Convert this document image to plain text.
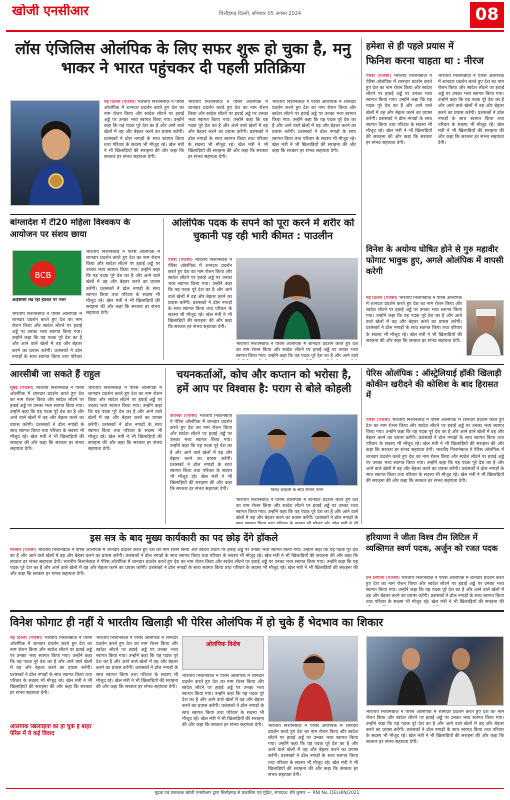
खोजी एनसीआर	चित्तौड़गढ़ दिल्ली, सोमवार 05 अगस्त 2024	08
लॉस एंजिलिस ओलंपिक के लिए सफर शुरू हो चुका है, मनु भाकर ने भारत पहुंचकर दी पहली प्रतिक्रिया
नई दिल्ली (एजेंसी) भारतीय निशानेबाज़ ने पेरिस ओलंपिक में शानदार प्रदर्शन करते हुए देश का नाम रोशन किया और स्वदेश लौटने पर हवाई अड्डे पर उनका भव्य स्वागत किया गया। उन्होंने कहा कि यह पदक पूरे देश का है और आने वाले खेलों में वह और बेहतर करने का प्रयास करेंगी। प्रशंसकों ने ढोल नगाड़ों के साथ स्वागत किया तथा परिवार के सदस्य भी मौजूद रहे। खेल मंत्री ने भी खिलाड़ियों की सराहना की और कहा कि सरकार हर संभव सहायता देगी।
भारतीय निशानेबाज़ ने पेरिस ओलंपिक में शानदार प्रदर्शन करते हुए देश का नाम रोशन किया और स्वदेश लौटने पर हवाई अड्डे पर उनका भव्य स्वागत किया गया। उन्होंने कहा कि यह पदक पूरे देश का है और आने वाले खेलों में वह और बेहतर करने का प्रयास करेंगी। प्रशंसकों ने ढोल नगाड़ों के साथ स्वागत किया तथा परिवार के सदस्य भी मौजूद रहे। खेल मंत्री ने भी खिलाड़ियों की सराहना की और कहा कि सरकार हर संभव सहायता देगी।
भारतीय निशानेबाज़ ने पेरिस ओलंपिक में शानदार प्रदर्शन करते हुए देश का नाम रोशन किया और स्वदेश लौटने पर हवाई अड्डे पर उनका भव्य स्वागत किया गया। उन्होंने कहा कि यह पदक पूरे देश का है और आने वाले खेलों में वह और बेहतर करने का प्रयास करेंगी। प्रशंसकों ने ढोल नगाड़ों के साथ स्वागत किया तथा परिवार के सदस्य भी मौजूद रहे। खेल मंत्री ने भी खिलाड़ियों की सराहना की और कहा कि सरकार हर संभव सहायता देगी।
हमेशा से ही पहले प्रयास में
फिनिश करना चाहता था : नीरज
पेरिस (एजेंसी) भारतीय निशानेबाज़ ने पेरिस ओलंपिक में शानदार प्रदर्शन करते हुए देश का नाम रोशन किया और स्वदेश लौटने पर हवाई अड्डे पर उनका भव्य स्वागत किया गया। उन्होंने कहा कि यह पदक पूरे देश का है और आने वाले खेलों में वह और बेहतर करने का प्रयास करेंगी। प्रशंसकों ने ढोल नगाड़ों के साथ स्वागत किया तथा परिवार के सदस्य भी मौजूद रहे। खेल मंत्री ने भी खिलाड़ियों की सराहना की और कहा कि सरकार हर संभव सहायता देगी।
भारतीय निशानेबाज़ ने पेरिस ओलंपिक में शानदार प्रदर्शन करते हुए देश का नाम रोशन किया और स्वदेश लौटने पर हवाई अड्डे पर उनका भव्य स्वागत किया गया। उन्होंने कहा कि यह पदक पूरे देश का है और आने वाले खेलों में वह और बेहतर करने का प्रयास करेंगी। प्रशंसकों ने ढोल नगाड़ों के साथ स्वागत किया तथा परिवार के सदस्य भी मौजूद रहे। खेल मंत्री ने भी खिलाड़ियों की सराहना की और कहा कि सरकार हर संभव सहायता देगी।
बांग्लादेश में टी20 महिला विश्वकप के आयोजन पर संशय छाया
BCB
आईसीसी रख रही हालात पर नजर
भारतीय निशानेबाज़ ने पेरिस ओलंपिक में शानदार प्रदर्शन करते हुए देश का नाम रोशन किया और स्वदेश लौटने पर हवाई अड्डे पर उनका भव्य स्वागत किया गया। उन्होंने कहा कि यह पदक पूरे देश का है और आने वाले खेलों में वह और बेहतर करने का प्रयास करेंगी। प्रशंसकों ने ढोल नगाड़ों के साथ स्वागत किया तथा परिवार
भारतीय निशानेबाज़ ने पेरिस ओलंपिक में शानदार प्रदर्शन करते हुए देश का नाम रोशन किया और स्वदेश लौटने पर हवाई अड्डे पर उनका भव्य स्वागत किया गया। उन्होंने कहा कि यह पदक पूरे देश का है और आने वाले खेलों में वह और बेहतर करने का प्रयास करेंगी। प्रशंसकों ने ढोल नगाड़ों के साथ स्वागत किया तथा परिवार के सदस्य भी मौजूद रहे। खेल मंत्री ने भी खिलाड़ियों की सराहना की और कहा कि सरकार हर संभव सहायता देगी।
ओलंपिक पदक के सपने को पूरा करने में शरीर को चुकानी पड़ रही भारी कीमत : पाउलीन
पेरिस (एजेंसी) भारतीय निशानेबाज़ ने पेरिस ओलंपिक में शानदार प्रदर्शन करते हुए देश का नाम रोशन किया और स्वदेश लौटने पर हवाई अड्डे पर उनका भव्य स्वागत किया गया। उन्होंने कहा कि यह पदक पूरे देश का है और आने वाले खेलों में वह और बेहतर करने का प्रयास करेंगी। प्रशंसकों ने ढोल नगाड़ों के साथ स्वागत किया तथा परिवार के सदस्य भी मौजूद रहे। खेल मंत्री ने भी खिलाड़ियों की सराहना की और कहा कि सरकार हर संभव सहायता देगी।
भारतीय निशानेबाज़ ने पेरिस ओलंपिक में शानदार प्रदर्शन करते हुए देश का नाम रोशन किया और स्वदेश लौटने पर हवाई अड्डे पर उनका भव्य स्वागत किया गया। उन्होंने कहा कि यह पदक पूरे देश का है और आने वाले
विनेश के अयोग्य घोषित होने से गुरु महावीर फोगाट भावुक हुए, अगले ओलंपिक में वापसी करेगी
नई दिल्ली (एजेंसी) भारतीय निशानेबाज़ ने पेरिस ओलंपिक में शानदार प्रदर्शन करते हुए देश का नाम रोशन किया और स्वदेश लौटने पर हवाई अड्डे पर उनका भव्य स्वागत किया गया। उन्होंने कहा कि यह पदक पूरे देश का है और आने वाले खेलों में वह और बेहतर करने का प्रयास करेंगी। प्रशंसकों ने ढोल नगाड़ों के साथ स्वागत किया तथा परिवार के सदस्य भी मौजूद रहे। खेल मंत्री ने भी खिलाड़ियों की सराहना की और कहा कि सरकार हर संभव सहायता देगी।
आरसीबी जा सकते हैं राहुल
मुंबई (एजेंसी) भारतीय निशानेबाज़ ने पेरिस ओलंपिक में शानदार प्रदर्शन करते हुए देश का नाम रोशन किया और स्वदेश लौटने पर हवाई अड्डे पर उनका भव्य स्वागत किया गया। उन्होंने कहा कि यह पदक पूरे देश का है और आने वाले खेलों में वह और बेहतर करने का प्रयास करेंगी। प्रशंसकों ने ढोल नगाड़ों के साथ स्वागत किया तथा परिवार के सदस्य भी मौजूद रहे। खेल मंत्री ने भी खिलाड़ियों की सराहना की और कहा कि सरकार हर संभव सहायता देगी।
भारतीय निशानेबाज़ ने पेरिस ओलंपिक में शानदार प्रदर्शन करते हुए देश का नाम रोशन किया और स्वदेश लौटने पर हवाई अड्डे पर उनका भव्य स्वागत किया गया। उन्होंने कहा कि यह पदक पूरे देश का है और आने वाले खेलों में वह और बेहतर करने का प्रयास करेंगी। प्रशंसकों ने ढोल नगाड़ों के साथ स्वागत किया तथा परिवार के सदस्य भी मौजूद रहे। खेल मंत्री ने भी खिलाड़ियों की सराहना की और कहा कि सरकार हर संभव सहायता देगी।
चयनकर्ताओं, कोच और कप्तान को भरोसा है, हमें आप पर विश्वास है: पराग से बोले कोहली
कोलंबो (एजेंसी) भारतीय निशानेबाज़ ने पेरिस ओलंपिक में शानदार प्रदर्शन करते हुए देश का नाम रोशन किया और स्वदेश लौटने पर हवाई अड्डे पर उनका भव्य स्वागत किया गया। उन्होंने कहा कि यह पदक पूरे देश का है और आने वाले खेलों में वह और बेहतर करने का प्रयास करेंगी। प्रशंसकों ने ढोल नगाड़ों के साथ स्वागत किया तथा परिवार के सदस्य भी मौजूद रहे। खेल मंत्री ने भी खिलाड़ियों की सराहना की और कहा कि सरकार हर संभव सहायता देगी।	विराट कोहली के साथ रियान पराग
भारतीय निशानेबाज़ ने पेरिस ओलंपिक में शानदार प्रदर्शन करते हुए देश का नाम रोशन किया और स्वदेश लौटने पर हवाई अड्डे पर उनका भव्य स्वागत किया गया। उन्होंने कहा कि यह पदक पूरे देश का है और आने वाले खेलों में वह और बेहतर करने का प्रयास करेंगी। प्रशंसकों ने ढोल नगाड़ों के
पेरिस ओलंपिक : ऑस्ट्रेलियाई हॉकी खिलाड़ी कोकीन खरीदने की कोशिश के बाद हिरासत में
पेरिस (एजेंसी) भारतीय निशानेबाज़ ने पेरिस ओलंपिक में शानदार प्रदर्शन करते हुए देश का नाम रोशन किया और स्वदेश लौटने पर हवाई अड्डे पर उनका भव्य स्वागत किया गया। उन्होंने कहा कि यह पदक पूरे देश का है और आने वाले खेलों में वह और बेहतर करने का प्रयास करेंगी। प्रशंसकों ने ढोल नगाड़ों के साथ स्वागत किया तथा परिवार के सदस्य भी मौजूद रहे। खेल मंत्री ने भी खिलाड़ियों की सराहना की और कहा कि सरकार हर संभव सहायता देगी। भारतीय निशानेबाज़ ने पेरिस ओलंपिक में शानदार प्रदर्शन करते हुए देश का नाम रोशन किया और स्वदेश लौटने पर हवाई अड्डे पर उनका भव्य स्वागत किया गया। उन्होंने कहा कि यह पदक पूरे देश का है और आने वाले खेलों में वह और बेहतर करने का प्रयास करेंगी। प्रशंसकों ने ढोल नगाड़ों के साथ स्वागत किया तथा परिवार के सदस्य भी मौजूद रहे। खेल मंत्री ने भी खिलाड़ियों की सराहना की और कहा कि सरकार हर संभव सहायता देगी।
इस सत्र के बाद मुख्य कार्यकारी का पद छोड़ देंगे हॉकले
मेलबर्न (एजेंसी) भारतीय निशानेबाज़ ने पेरिस ओलंपिक में शानदार प्रदर्शन करते हुए देश का नाम रोशन किया और स्वदेश लौटने पर हवाई अड्डे पर उनका भव्य स्वागत किया गया। उन्होंने कहा कि यह पदक पूरे देश का है और आने वाले खेलों में वह और बेहतर करने का प्रयास करेंगी। प्रशंसकों ने ढोल नगाड़ों के साथ स्वागत किया तथा परिवार के सदस्य भी मौजूद रहे। खेल मंत्री ने भी खिलाड़ियों की सराहना की और कहा कि सरकार हर संभव सहायता देगी। भारतीय निशानेबाज़ ने पेरिस ओलंपिक में शानदार प्रदर्शन करते हुए देश का नाम रोशन किया और स्वदेश लौटने पर हवाई अड्डे पर उनका भव्य स्वागत किया गया। उन्होंने कहा कि यह पदक पूरे देश का है और आने वाले खेलों में वह और बेहतर करने का प्रयास करेंगी। प्रशंसकों ने ढोल नगाड़ों के साथ स्वागत किया तथा परिवार के सदस्य भी मौजूद रहे। खेल मंत्री ने भी खिलाड़ियों की सराहना की और कहा कि सरकार हर संभव सहायता देगी।
हरियाणा ने जीता विश्व टीम लिटिल में व्यक्तिगत स्वर्ण पदक, अर्जुन को रजत पदक
वैन लियाना (एजेंसी) भारतीय निशानेबाज़ ने पेरिस ओलंपिक में शानदार प्रदर्शन करते हुए देश का नाम रोशन किया और स्वदेश लौटने पर हवाई अड्डे पर उनका भव्य स्वागत किया गया। उन्होंने कहा कि यह पदक पूरे देश का है और आने वाले खेलों में वह और बेहतर करने का प्रयास करेंगी। प्रशंसकों ने ढोल नगाड़ों के साथ स्वागत किया तथा परिवार के सदस्य भी मौजूद रहे। खेल मंत्री ने भी खिलाड़ियों की सराहना की
विनेश फोगाट ही नहीं ये भारतीय खिलाड़ी भी पेरिस ओलंपिक में हो चुके हैं भेदभाव का शिकार
नई दिल्ली (एजेंसी) भारतीय निशानेबाज़ ने पेरिस ओलंपिक में शानदार प्रदर्शन करते हुए देश का नाम रोशन किया और स्वदेश लौटने पर हवाई अड्डे पर उनका भव्य स्वागत किया गया। उन्होंने कहा कि यह पदक पूरे देश का है और आने वाले खेलों में वह और बेहतर करने का प्रयास करेंगी। प्रशंसकों ने ढोल नगाड़ों के साथ स्वागत किया तथा परिवार के सदस्य भी मौजूद रहे। खेल मंत्री ने भी खिलाड़ियों की सराहना की और कहा कि सरकार हर संभव सहायता देगी।
ओलंपिक खिलाड़ियों को हो चुके हैं बाहर पेरिस में ये कई विवाद
भारतीय निशानेबाज़ ने पेरिस ओलंपिक में शानदार प्रदर्शन करते हुए देश का नाम रोशन किया और स्वदेश लौटने पर हवाई अड्डे पर उनका भव्य स्वागत किया गया। उन्होंने कहा कि यह पदक पूरे देश का है और आने वाले खेलों में वह और बेहतर करने का प्रयास करेंगी। प्रशंसकों ने ढोल नगाड़ों के साथ स्वागत किया तथा परिवार के सदस्य भी मौजूद रहे। खेल मंत्री ने भी खिलाड़ियों की सराहना की और कहा कि सरकार हर संभव सहायता देगी।
ओलंपिक विशेष
भारतीय निशानेबाज़ ने पेरिस ओलंपिक में शानदार प्रदर्शन करते हुए देश का नाम रोशन किया और स्वदेश लौटने पर हवाई अड्डे पर उनका भव्य स्वागत किया गया। उन्होंने कहा कि यह पदक पूरे देश का है और आने वाले खेलों में वह और बेहतर करने का प्रयास करेंगी। प्रशंसकों ने ढोल नगाड़ों के साथ स्वागत किया तथा परिवार के सदस्य भी मौजूद रहे। खेल मंत्री ने भी खिलाड़ियों की सराहना की और कहा कि सरकार हर संभव सहायता देगी। भारतीय निशानेबाज़ ने पेरिस ओलंपिक में शानदार प्रदर्शन करते हुए देश का नाम रोशन किया और स्वदेश लौटने पर हवाई अड्डे पर उनका भव्य स्वागत किया गया। उन्होंने कहा कि यह पदक पूरे देश का है और आने वाले खेलों में वह और बेहतर करने का प्रयास करेंगी। प्रशंसकों ने ढोल नगाड़ों के साथ स्वागत किया तथा परिवार के सदस्य भी मौजूद रहे। खेल मंत्री ने भी खिलाड़ियों की सराहना की और कहा कि सरकार हर संभव सहायता देगी।
भारतीय निशानेबाज़ ने पेरिस ओलंपिक में शानदार प्रदर्शन करते हुए देश का नाम रोशन किया और स्वदेश लौटने पर हवाई अड्डे पर उनका भव्य स्वागत किया गया। उन्होंने कहा कि यह पदक पूरे देश का है और आने वाले खेलों में वह और बेहतर करने का प्रयास करेंगी। प्रशंसकों ने ढोल नगाड़ों के साथ स्वागत किया तथा परिवार के सदस्य भी मौजूद रहे। खेल मंत्री ने भी खिलाड़ियों की सराहना की और कहा कि सरकार हर संभव सहायता देगी।
मुद्रक एवं प्रकाशक खोजी एनसीआर द्वारा चित्तौड़गढ़ से प्रकाशित एवं मुद्रित, संपादक: रवि कुमार — RNI No. DELHIN/2021
